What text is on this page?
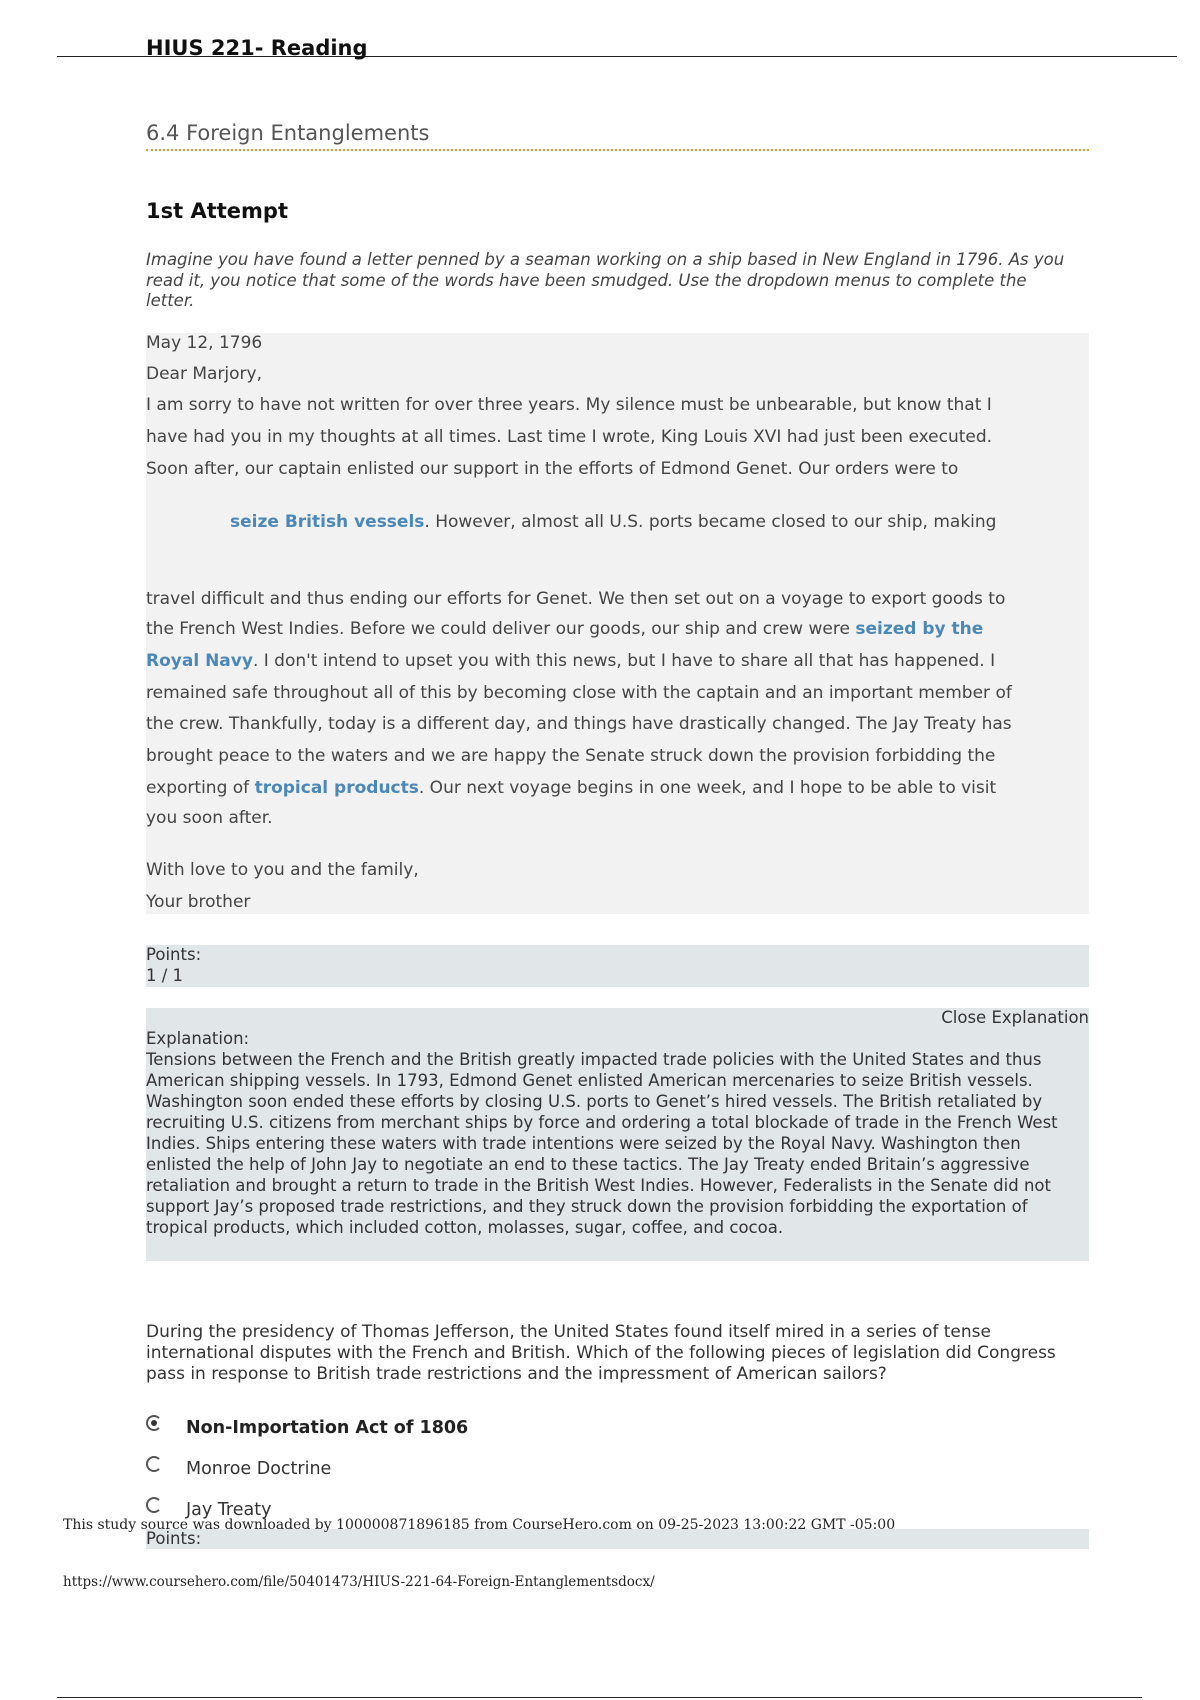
HIUS 221- Reading
6.4 Foreign Entanglements
1st Attempt

Imagine you have found a letter penned by a seaman working on a ship based in New England in 1796. As you read it, you notice that some of the words have been smudged. Use the dropdown menus to complete the letter.

May 12, 1796
Dear Marjory,
I am sorry to have not written for over three years. My silence must be unbearable, but know that I
have had you in my thoughts at all times. Last time I wrote, King Louis XVI had just been executed.
Soon after, our captain enlisted our support in the efforts of Edmond Genet. Our orders were to
seize British vessels. However, almost all U.S. ports became closed to our ship, making
travel difficult and thus ending our efforts for Genet. We then set out on a voyage to export goods to
the French West Indies. Before we could deliver our goods, our ship and crew were seized by the
Royal Navy. I don't intend to upset you with this news, but I have to share all that has happened. I
remained safe throughout all of this by becoming close with the captain and an important member of
the crew. Thankfully, today is a different day, and things have drastically changed. The Jay Treaty has
brought peace to the waters and we are happy the Senate struck down the provision forbidding the
exporting of tropical products. Our next voyage begins in one week, and I hope to be able to visit
you soon after.
With love to you and the family,
Your brother
Points:
1 / 1
Close Explanation
Explanation:
Tensions between the French and the British greatly impacted trade policies with the United States and thus American shipping vessels. In 1793, Edmond Genet enlisted American mercenaries to seize British vessels. Washington soon ended these efforts by closing U.S. ports to Genet’s hired vessels. The British retaliated by recruiting U.S. citizens from merchant ships by force and ordering a total blockade of trade in the French West Indies. Ships entering these waters with trade intentions were seized by the Royal Navy. Washington then enlisted the help of John Jay to negotiate an end to these tactics. The Jay Treaty ended Britain’s aggressive retaliation and brought a return to trade in the British West Indies. However, Federalists in the Senate did not support Jay’s proposed trade restrictions, and they struck down the provision forbidding the exportation of tropical products, which included cotton, molasses, sugar, coffee, and cocoa.

During the presidency of Thomas Jefferson, the United States found itself mired in a series of tense international disputes with the French and British. Which of the following pieces of legislation did Congress pass in response to British trade restrictions and the impressment of American sailors?

Non-Importation Act of 1806
Monroe Doctrine
Jay Treaty
Points:
This study source was downloaded by 100000871896185 from CourseHero.com on 09-25-2023 13:00:22 GMT -05:00
https://www.coursehero.com/file/50401473/HIUS-221-64-Foreign-Entanglementsdocx/
